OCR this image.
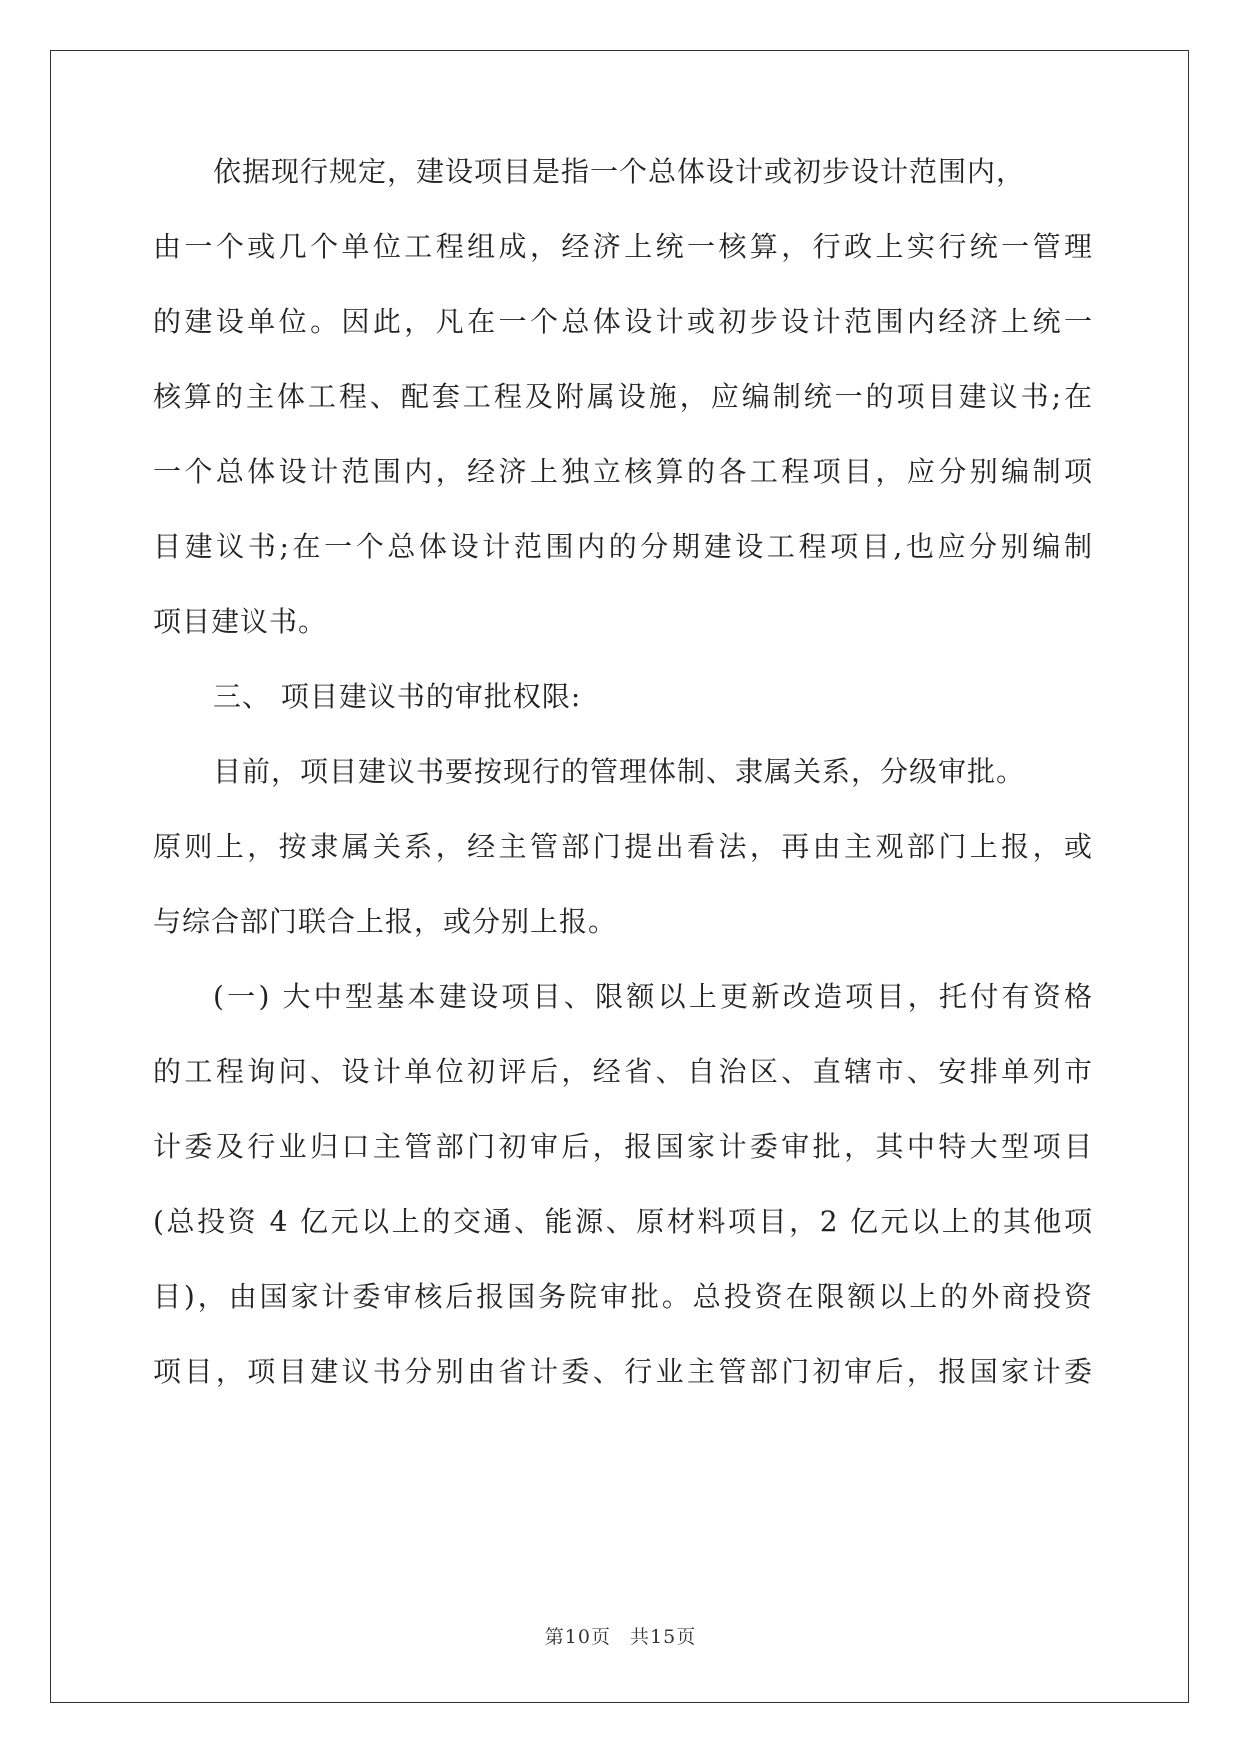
依据现行规定，建设项目是指一个总体设计或初步设计范围内，
由一个或几个单位工程组成，经济上统一核算，行政上实行统一管理
的建设单位。因此，凡在一个总体设计或初步设计范围内经济上统一
核算的主体工程、配套工程及附属设施，应编制统一的项目建议书;在
一个总体设计范围内，经济上独立核算的各工程项目，应分别编制项
目建议书;在一个总体设计范围内的分期建设工程项目,也应分别编制
项目建议书。
三、 项目建议书的审批权限:
目前，项目建议书要按现行的管理体制、隶属关系，分级审批。
原则上，按隶属关系，经主管部门提出看法，再由主观部门上报，或
与综合部门联合上报，或分别上报。
(一) 大中型基本建设项目、限额以上更新改造项目，托付有资格
的工程询问、设计单位初评后，经省、自治区、直辖市、安排单列市
计委及行业归口主管部门初审后，报国家计委审批，其中特大型项目
(总投资 4 亿元以上的交通、能源、原材料项目，2 亿元以上的其他项
目)，由国家计委审核后报国务院审批。总投资在限额以上的外商投资
项目，项目建议书分别由省计委、行业主管部门初审后，报国家计委
第10页 共15页
